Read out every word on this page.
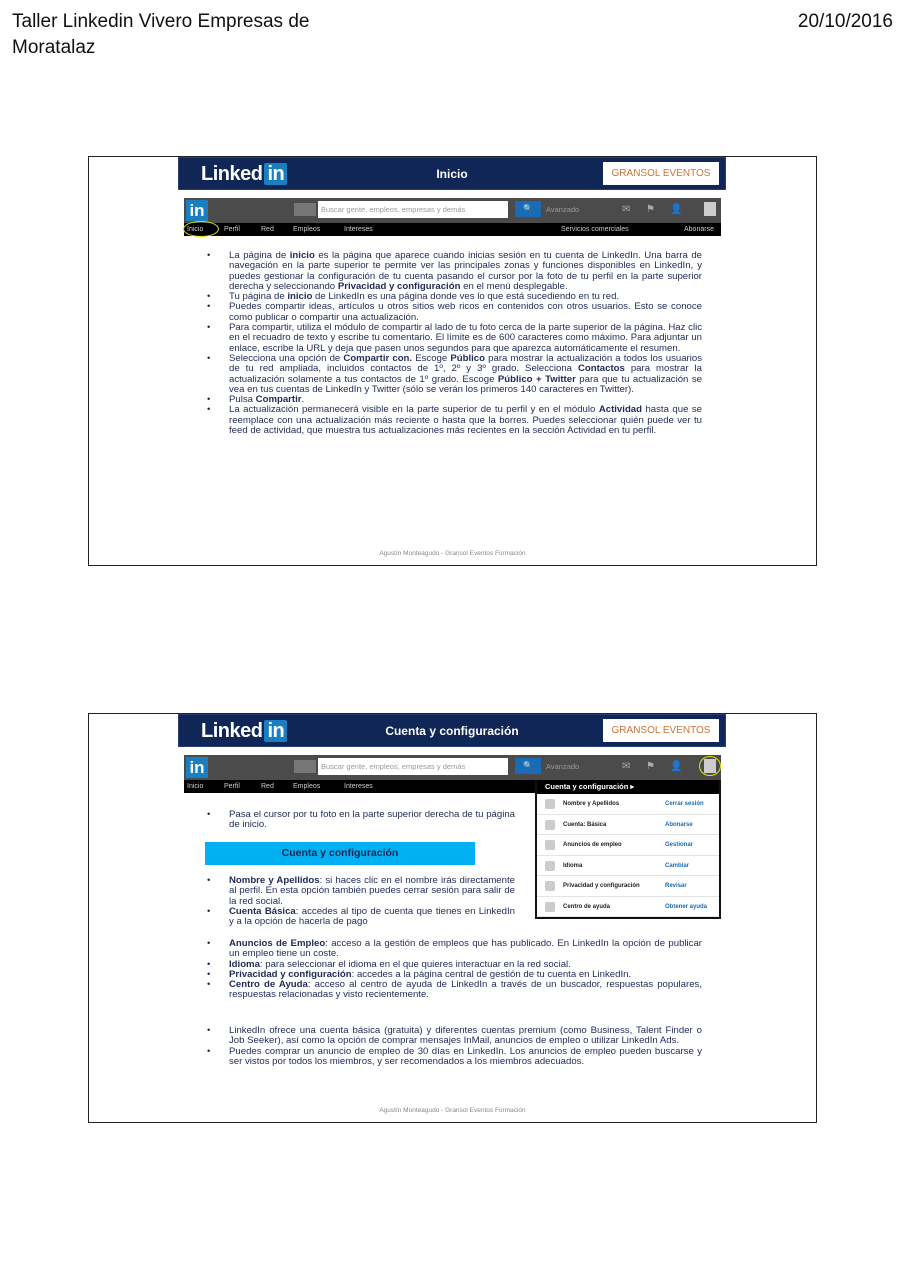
Taller Linkedin Vivero Empresas de Moratalaz
20/10/2016
Linked in	Inicio	GRANSOL EVENTOS
in	Buscar gente, empleos, empresas y demás	🔍	Avanzado	✉ ⚑ 👤
Inicio	Perfil	Red	Empleos	Intereses	Servicios comerciales	Abonarse
Agustín Monteagudo - Gransol Eventos Formación
• La página de inicio es la página que aparece cuando inicias sesión en tu cuenta de LinkedIn. Una barra de navegación en la parte superior te permite ver las principales zonas y funciones disponibles en LinkedIn, y puedes gestionar la configuración de tu cuenta pasando el cursor por la foto de tu perfil en la parte superior derecha y seleccionando Privacidad y configuración en el menú desplegable.
• Tu página de inicio de LinkedIn es una página donde ves lo que está sucediendo en tu red.
• Puedes compartir ideas, artículos u otros sitios web ricos en contenidos con otros usuarios. Esto se conoce como publicar o compartir una actualización.
• Para compartir, utiliza el módulo de compartir al lado de tu foto cerca de la parte superior de la página. Haz clic en el recuadro de texto y escribe tu comentario. El límite es de 600 caracteres como máximo. Para adjuntar un enlace, escribe la URL y deja que pasen unos segundos para que aparezca automáticamente el resumen.
• Selecciona una opción de Compartir con. Escoge Público para mostrar la actualización a todos los usuarios de tu red ampliada, incluidos contactos de 1º, 2º y 3º grado. Selecciona Contactos para mostrar la actualización solamente a tus contactos de 1º grado. Escoge Público + Twitter para que tu actualización se vea en tus cuentas de LinkedIn y Twitter (sólo se verán los primeros 140 caracteres en Twitter).
• Pulsa Compartir.
• La actualización permanecerá visible en la parte superior de tu perfil y en el módulo Actividad hasta que se reemplace con una actualización más reciente o hasta que la borres. Puedes seleccionar quién puede ver tu feed de actividad, que muestra tus actualizaciones más recientes en la sección Actividad en tu perfil.
Linked in	Cuenta y configuración	GRANSOL EVENTOS
in	Buscar gente, empleos, empresas y demás	🔍	Avanzado	✉ ⚑ 👤
Inicio	Perfil	Red	Empleos	Intereses
Agustín Monteagudo - Gransol Eventos Formación
• Pasa el cursor por tu foto en la parte superior derecha de tu página de inicio.
Cuenta y configuración
• Nombre y Apellidos: si haces clic en el nombre irás directamente al perfil. En esta opción también puedes cerrar sesión para salir de la red social.
• Cuenta Básica: accedes al tipo de cuenta que tienes en LinkedIn y a la opción de hacerla de pago
• Anuncios de Empleo: acceso a la gestión de empleos que has publicado. En LinkedIn la opción de publicar un empleo tiene un coste.
• Idioma: para seleccionar el idioma en el que quieres interactuar en la red social.
• Privacidad y configuración: accedes a la página central de gestión de tu cuenta en LinkedIn.
• Centro de Ayuda: acceso al centro de ayuda de LinkedIn a través de un buscador, respuestas populares, respuestas relacionadas y visto recientemente.
• LinkedIn ofrece una cuenta básica (gratuita) y diferentes cuentas premium (como Business, Talent Finder o Job Seeker), así como la opción de comprar mensajes InMail, anuncios de empleo o utilizar LinkedIn Ads.
• Puedes comprar un anuncio de empleo de 30 días en LinkedIn. Los anuncios de empleo pueden buscarse y ser vistos por todos los miembros, y ser recomendados a los miembros adecuados.
Cuenta y configuración ▸
Nombre y Apellidos	Cerrar sesión
Cuenta: Básica	Abonarse
Anuncios de empleo	Gestionar
Idioma	Cambiar
Privacidad y configuración	Revisar
Centro de ayuda	Obtener ayuda
